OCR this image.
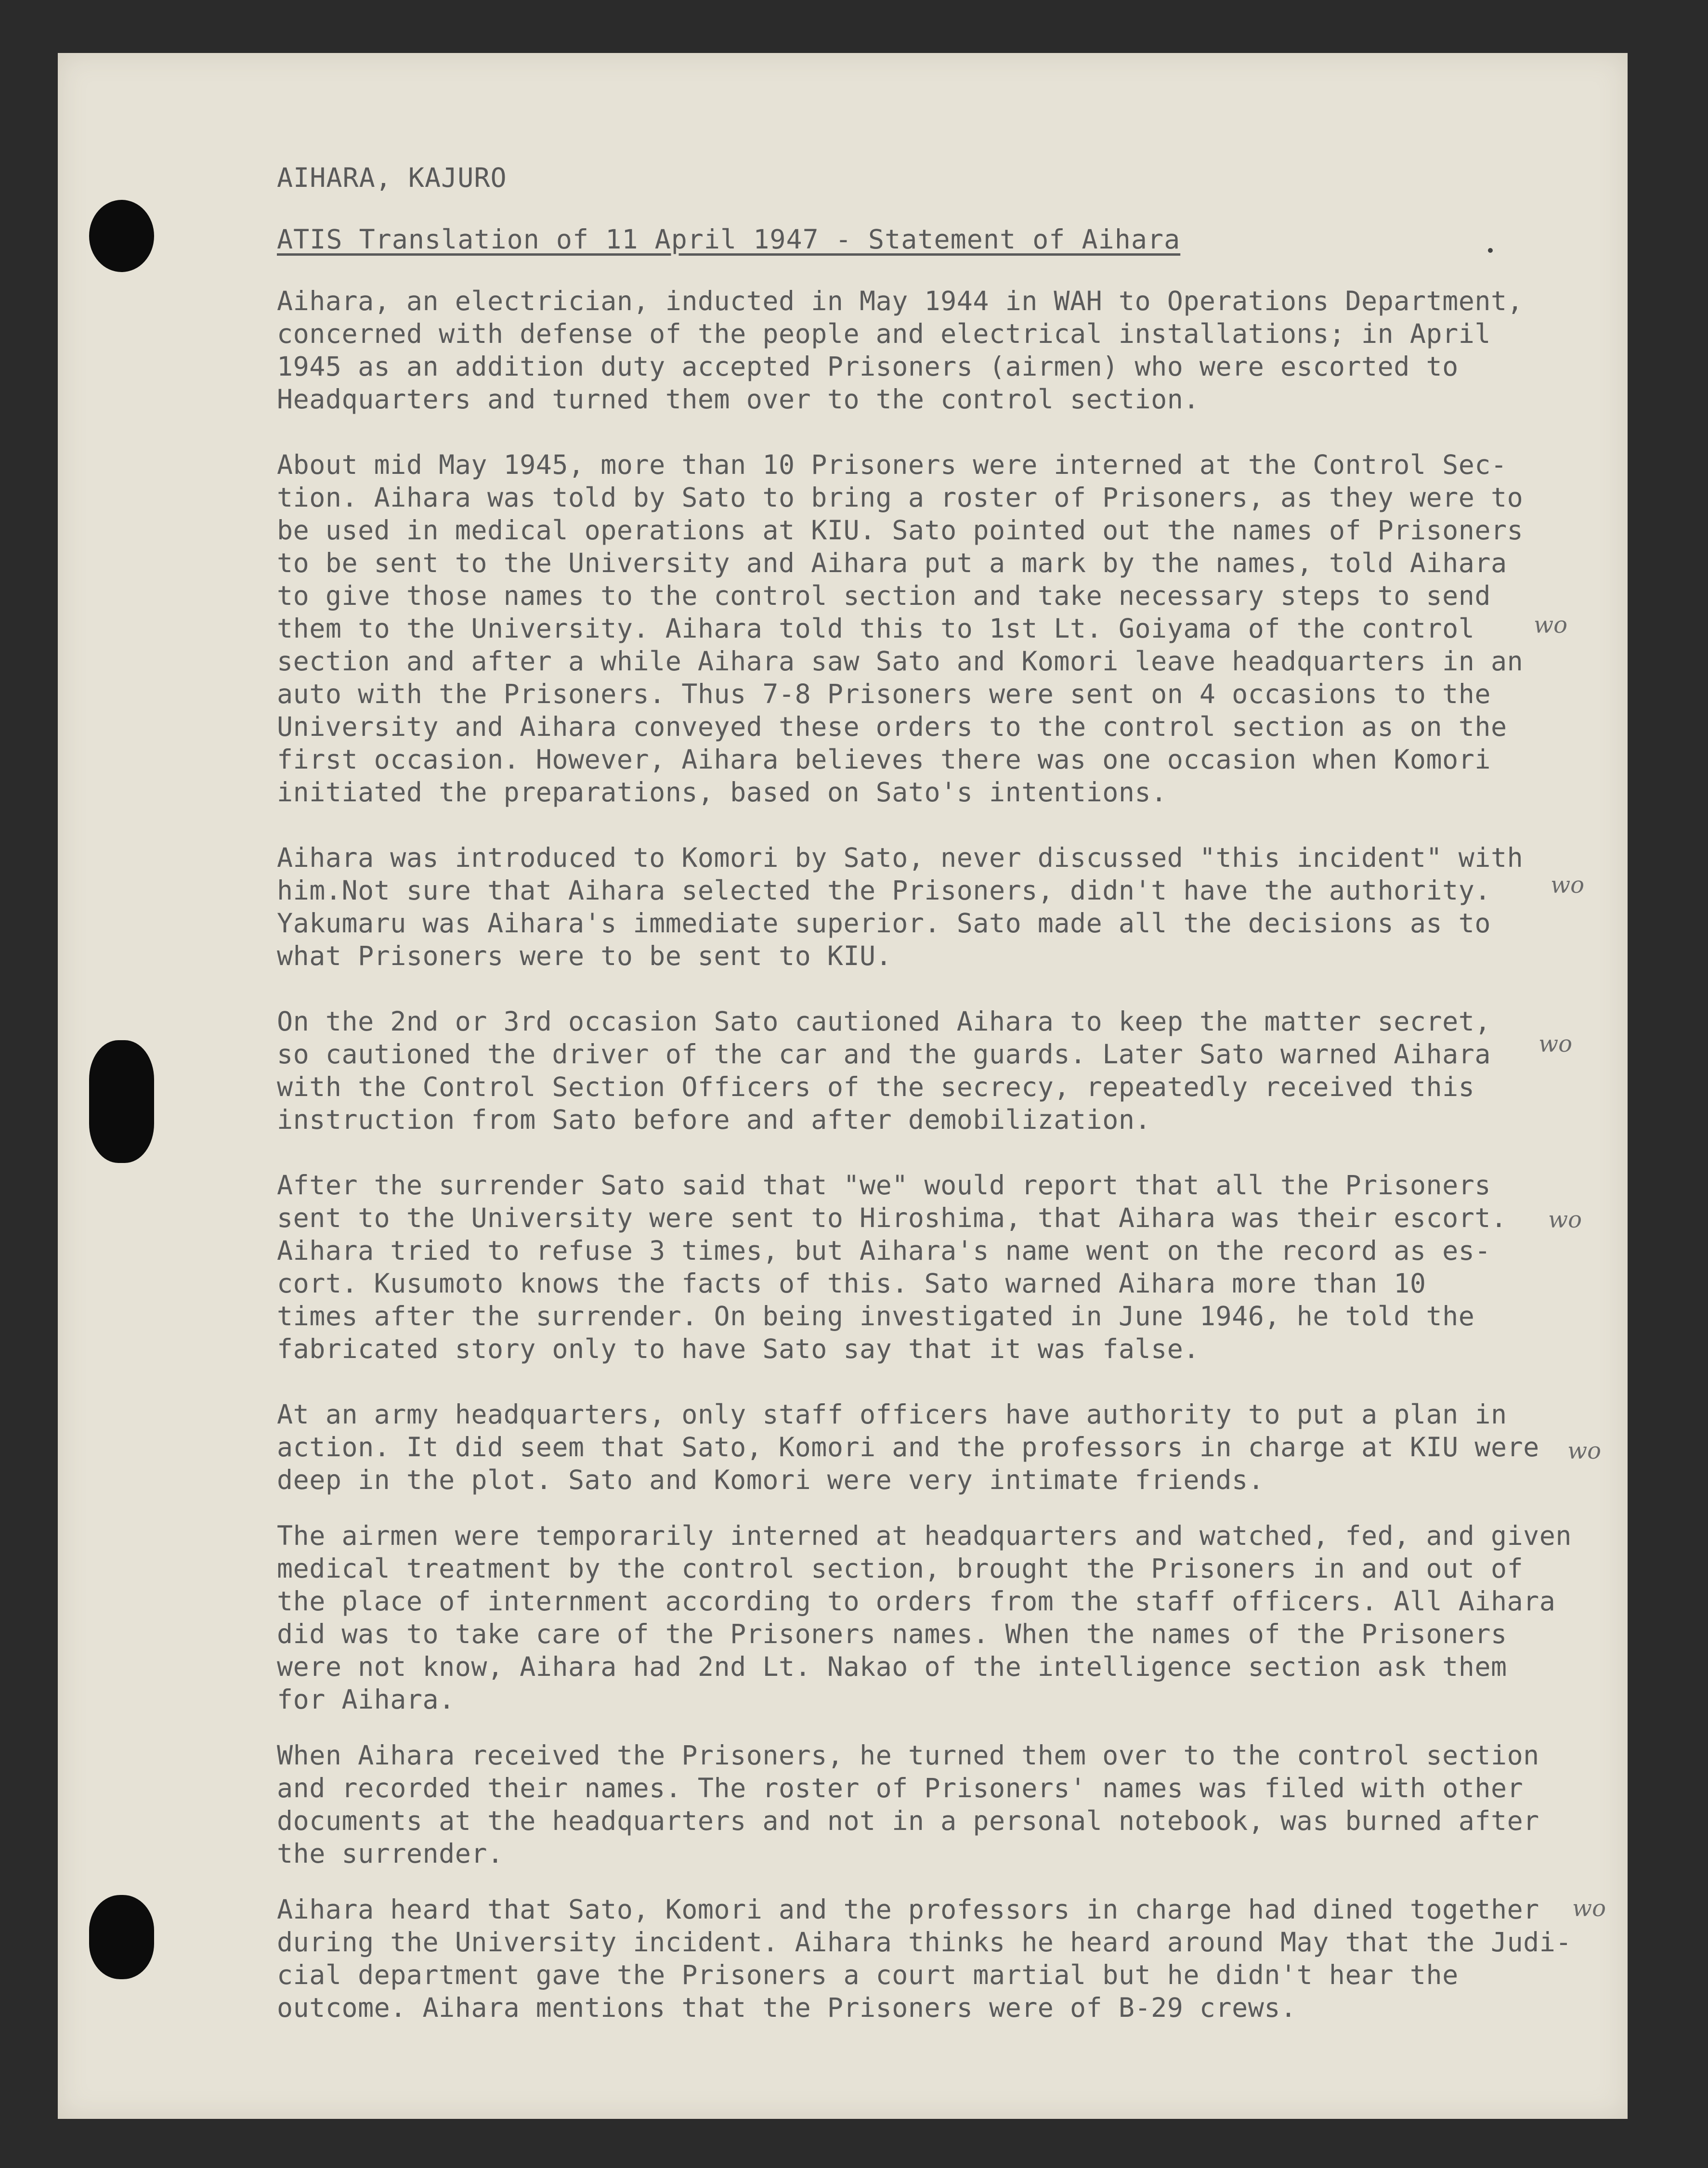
AIHARA, KAJURO
ATIS Translation of 11 April 1947 - Statement of Aihara
Aihara, an electrician, inducted in May 1944 in WAH to Operations Department,
concerned with defense of the people and electrical installations; in April
1945 as an addition duty accepted Prisoners (airmen) who were escorted to
Headquarters and turned them over to the control section.
About mid May 1945, more than 10 Prisoners were interned at the Control Sec-
tion. Aihara was told by Sato to bring a roster of Prisoners, as they were to
be used in medical operations at KIU. Sato pointed out the names of Prisoners
to be sent to the University and Aihara put a mark by the names, told Aihara
to give those names to the control section and take necessary steps to send
them to the University. Aihara told this to 1st Lt. Goiyama of the control
section and after a while Aihara saw Sato and Komori leave headquarters in an
auto with the Prisoners. Thus 7-8 Prisoners were sent on 4 occasions to the
University and Aihara conveyed these orders to the control section as on the
first occasion. However, Aihara believes there was one occasion when Komori
initiated the preparations, based on Sato's intentions.
Aihara was introduced to Komori by Sato, never discussed "this incident" with
him.Not sure that Aihara selected the Prisoners, didn't have the authority.
Yakumaru was Aihara's immediate superior. Sato made all the decisions as to
what Prisoners were to be sent to KIU.
On the 2nd or 3rd occasion Sato cautioned Aihara to keep the matter secret,
so cautioned the driver of the car and the guards. Later Sato warned Aihara
with the Control Section Officers of the secrecy, repeatedly received this
instruction from Sato before and after demobilization.
After the surrender Sato said that "we" would report that all the Prisoners
sent to the University were sent to Hiroshima, that Aihara was their escort.
Aihara tried to refuse 3 times, but Aihara's name went on the record as es-
cort. Kusumoto knows the facts of this. Sato warned Aihara more than 10
times after the surrender. On being investigated in June 1946, he told the
fabricated story only to have Sato say that it was false.
At an army headquarters, only staff officers have authority to put a plan in
action. It did seem that Sato, Komori and the professors in charge at KIU were
deep in the plot. Sato and Komori were very intimate friends.
The airmen were temporarily interned at headquarters and watched, fed, and given
medical treatment by the control section, brought the Prisoners in and out of
the place of internment according to orders from the staff officers. All Aihara
did was to take care of the Prisoners names. When the names of the Prisoners
were not know, Aihara had 2nd Lt. Nakao of the intelligence section ask them
for Aihara.
When Aihara received the Prisoners, he turned them over to the control section
and recorded their names. The roster of Prisoners' names was filed with other
documents at the headquarters and not in a personal notebook, was burned after
the surrender.
Aihara heard that Sato, Komori and the professors in charge had dined together
during the University incident. Aihara thinks he heard around May that the Judi-
cial department gave the Prisoners a court martial but he didn't hear the
outcome. Aihara mentions that the Prisoners were of B-29 crews.
wo
wo
wo
wo
wo
wo
